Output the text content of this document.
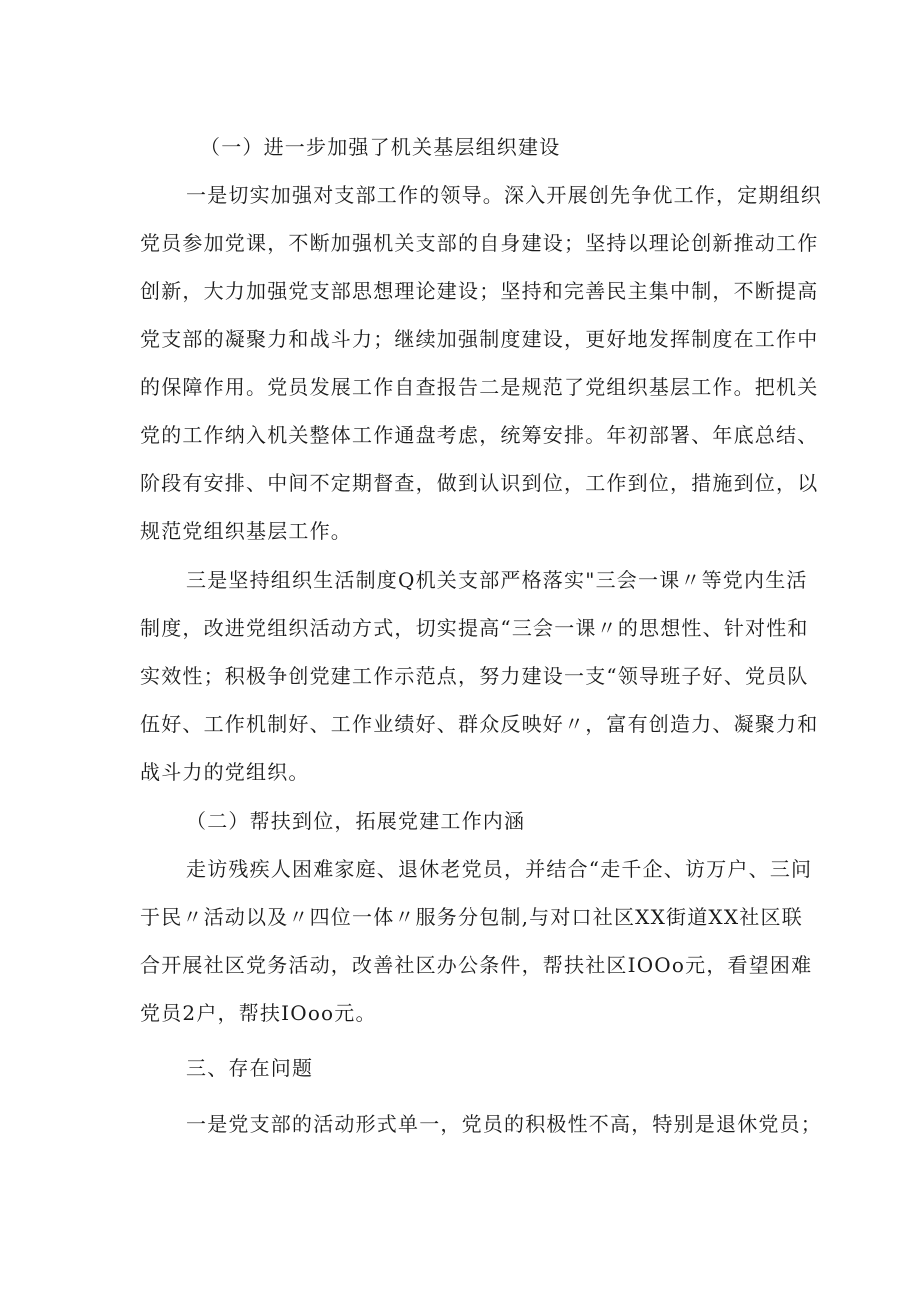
（一）进一步加强了机关基层组织建设
一是切实加强对支部工作的领导。深入开展创先争优工作，定期组织
党员参加党课，不断加强机关支部的自身建设；坚持以理论创新推动工作
创新，大力加强党支部思想理论建设；坚持和完善民主集中制，不断提高
党支部的凝聚力和战斗力；继续加强制度建设，更好地发挥制度在工作中
的保障作用。党员发展工作自查报告二是规范了党组织基层工作。把机关
党的工作纳入机关整体工作通盘考虑，统筹安排。年初部署、年底总结、
阶段有安排、中间不定期督查，做到认识到位，工作到位，措施到位，以
规范党组织基层工作。
三是坚持组织生活制度Q机关支部严格落实"三会一课〃等党内生活
制度，改进党组织活动方式，切实提高“三会一课〃的思想性、针对性和
实效性；积极争创党建工作示范点，努力建设一支“领导班子好、党员队
伍好、工作机制好、工作业绩好、群众反映好〃，富有创造力、凝聚力和
战斗力的党组织。
（二）帮扶到位，拓展党建工作内涵
走访残疾人困难家庭、退休老党员，并结合“走千企、访万户、三问
于民〃活动以及〃四位一体〃服务分包制,与对口社区XX街道XX社区联
合开展社区党务活动，改善社区办公条件，帮扶社区IOOo元，看望困难
党员2户，帮扶IOoo元。
三、存在问题
一是党支部的活动形式单一，党员的积极性不高，特别是退休党员；
